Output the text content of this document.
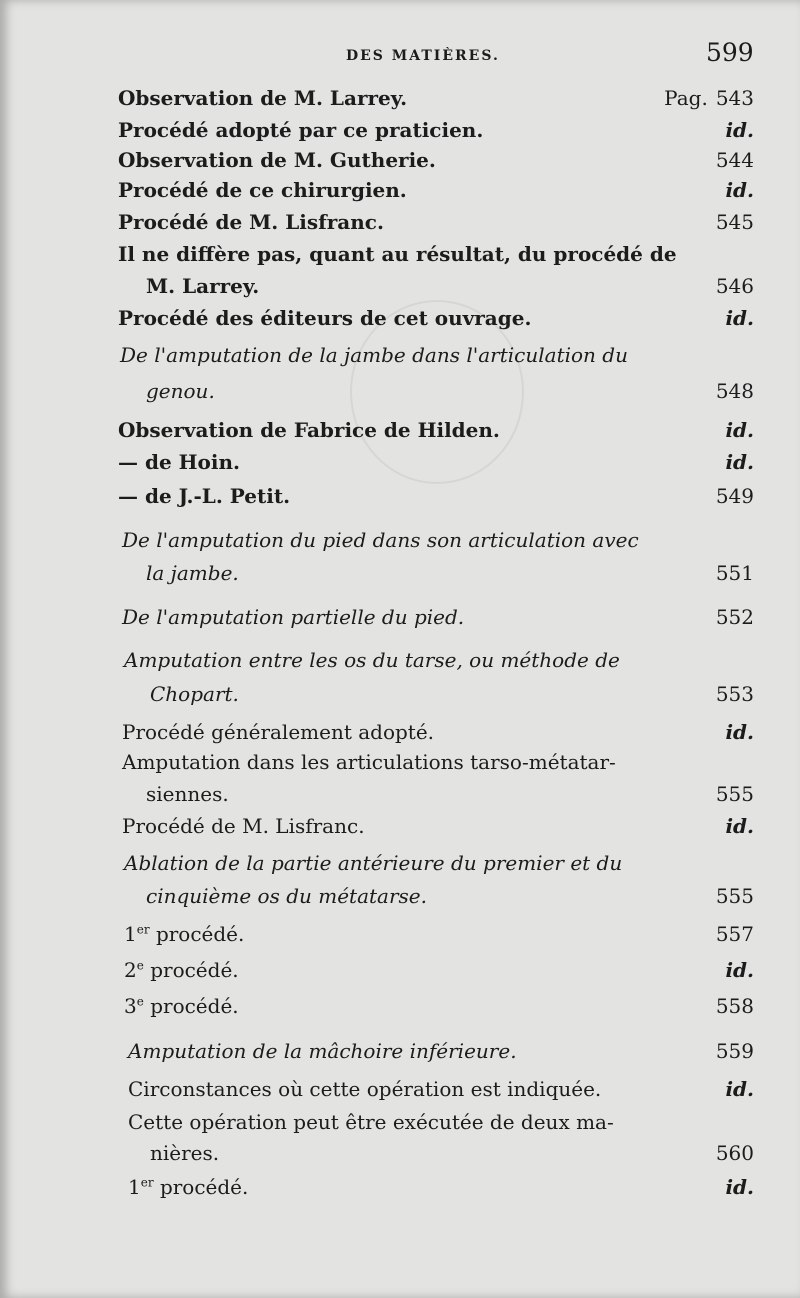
DES MATIÈRES.	599
Observation de M. Larrey.	Pag. 543
Procédé adopté par ce praticien.	id.
Observation de M. Gutherie.	544
Procédé de ce chirurgien.	id.
Procédé de M. Lisfranc.	545
Il ne diffère pas, quant au résultat, du procédé de
M. Larrey.	546
Procédé des éditeurs de cet ouvrage.	id.
De l'amputation de la jambe dans l'articulation du
genou.	548
Observation de Fabrice de Hilden.	id.
— de Hoin.	id.
— de J.-L. Petit.	549
De l'amputation du pied dans son articulation avec
la jambe.	551
De l'amputation partielle du pied.	552
Amputation entre les os du tarse, ou méthode de
Chopart.	553
Procédé généralement adopté.	id.
Amputation dans les articulations tarso-métatar-
siennes.	555
Procédé de M. Lisfranc.	id.
Ablation de la partie antérieure du premier et du
cinquième os du métatarse.	555
1er procédé.	557
2e procédé.	id.
3e procédé.	558
Amputation de la mâchoire inférieure.	559
Circonstances où cette opération est indiquée.	id.
Cette opération peut être exécutée de deux ma-
nières.	560
1er procédé.	id.
